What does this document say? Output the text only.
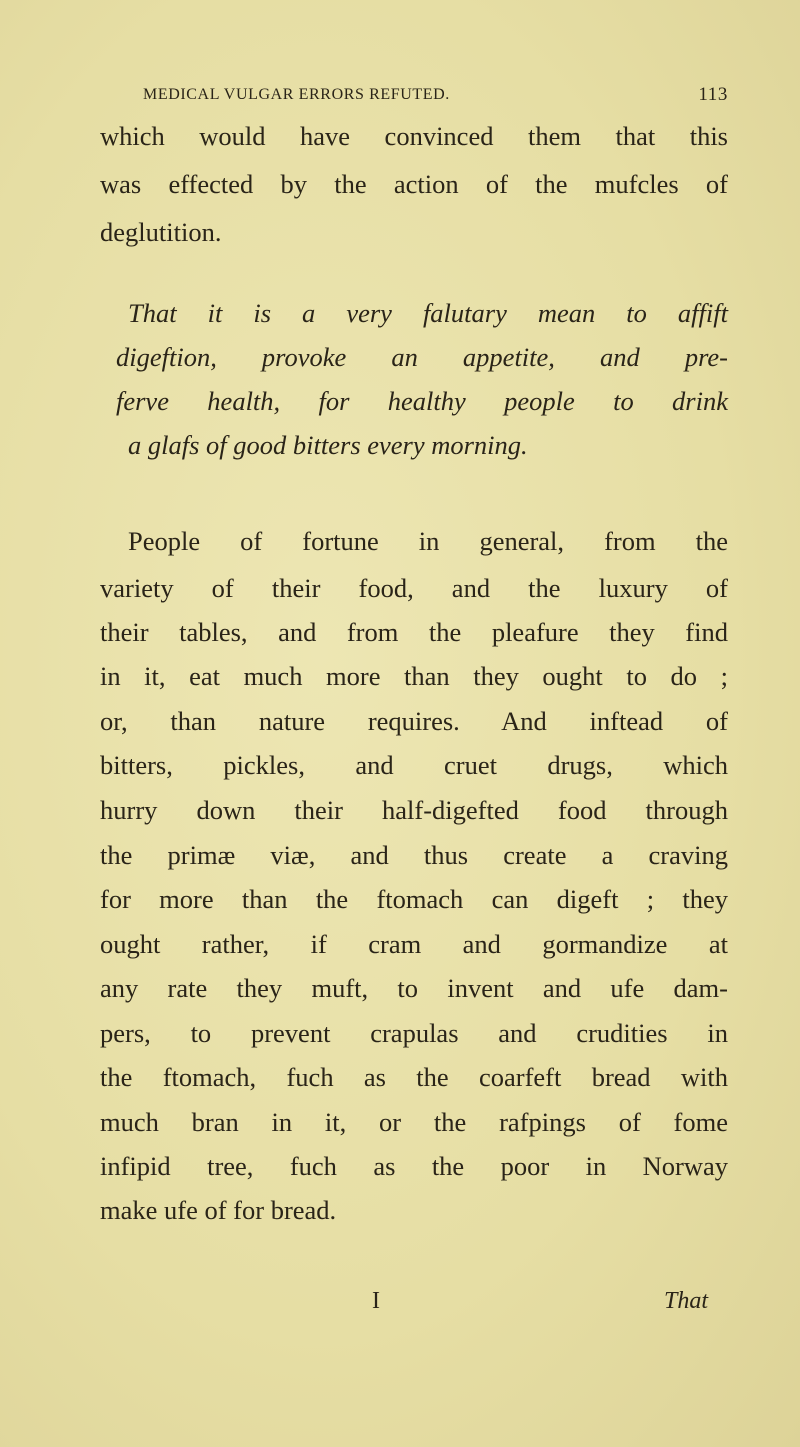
MEDICAL VULGAR ERRORS REFUTED.	113
which would have convinced them that this
was effected by the action of the mufcles of
deglutition.
That it is a very falutary mean to affift
digeftion, provoke an appetite, and pre-
ferve health, for healthy people to drink
a glafs of good bitters every morning.
People of fortune in general, from the
variety of their food, and the luxury of
their tables, and from the pleafure they find
in it, eat much more than they ought to do ;
or, than nature requires. And inftead of
bitters, pickles, and cruet drugs, which
hurry down their half-digefted food through
the primæ viæ, and thus create a craving
for more than the ftomach can digeft ; they
ought rather, if cram and gormandize at
any rate they muft, to invent and ufe dam-
pers, to prevent crapulas and crudities in
the ftomach, fuch as the coarfeft bread with
much bran in it, or the rafpings of fome
infipid tree, fuch as the poor in Norway
make ufe of for bread.
I	That
